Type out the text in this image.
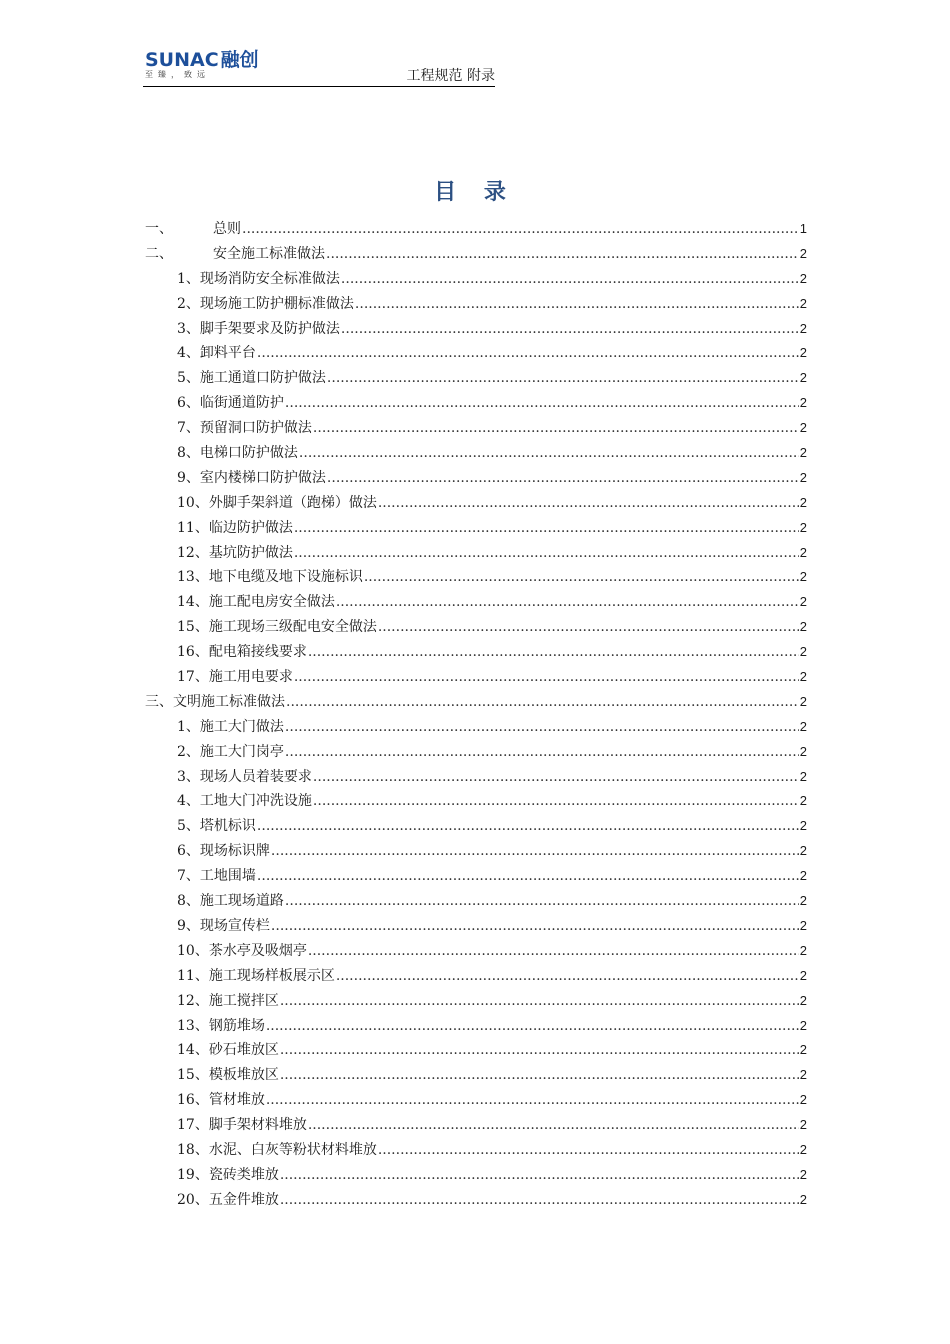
SUNAC 融创
至臻，致远	工程规范 附录
目 录
一、	总则 .....	1
二、	安全施工标准做法 .....	2
1、现场消防安全标准做法 .....	2
2、现场施工防护棚标准做法 .....	2
3、脚手架要求及防护做法 .....	2
4、卸料平台 .....	2
5、施工通道口防护做法 .....	2
6、临街通道防护 .....	2
7、预留洞口防护做法 .....	2
8、电梯口防护做法 .....	2
9、室内楼梯口防护做法 .....	2
10、外脚手架斜道（跑梯）做法 .....	2
11、临边防护做法 .....	2
12、基坑防护做法 .....	2
13、地下电缆及地下设施标识 .....	2
14、施工配电房安全做法 .....	2
15、施工现场三级配电安全做法 .....	2
16、配电箱接线要求 .....	2
17、施工用电要求 .....	2
三、 文明施工标准做法 .....	2
1、施工大门做法 .....	2
2、施工大门岗亭 .....	2
3、现场人员着装要求 .....	2
4、工地大门冲洗设施 .....	2
5、塔机标识 .....	2
6、现场标识牌 .....	2
7、工地围墙 .....	2
8、施工现场道路 .....	2
9、现场宣传栏 .....	2
10、茶水亭及吸烟亭 .....	2
11、施工现场样板展示区 .....	2
12、施工搅拌区 .....	2
13、钢筋堆场 .....	2
14、砂石堆放区 .....	2
15、模板堆放区 .....	2
16、管材堆放 .....	2
17、脚手架材料堆放 .....	2
18、水泥、白灰等粉状材料堆放 .....	2
19、瓷砖类堆放 .....	2
20、五金件堆放 .....	2
